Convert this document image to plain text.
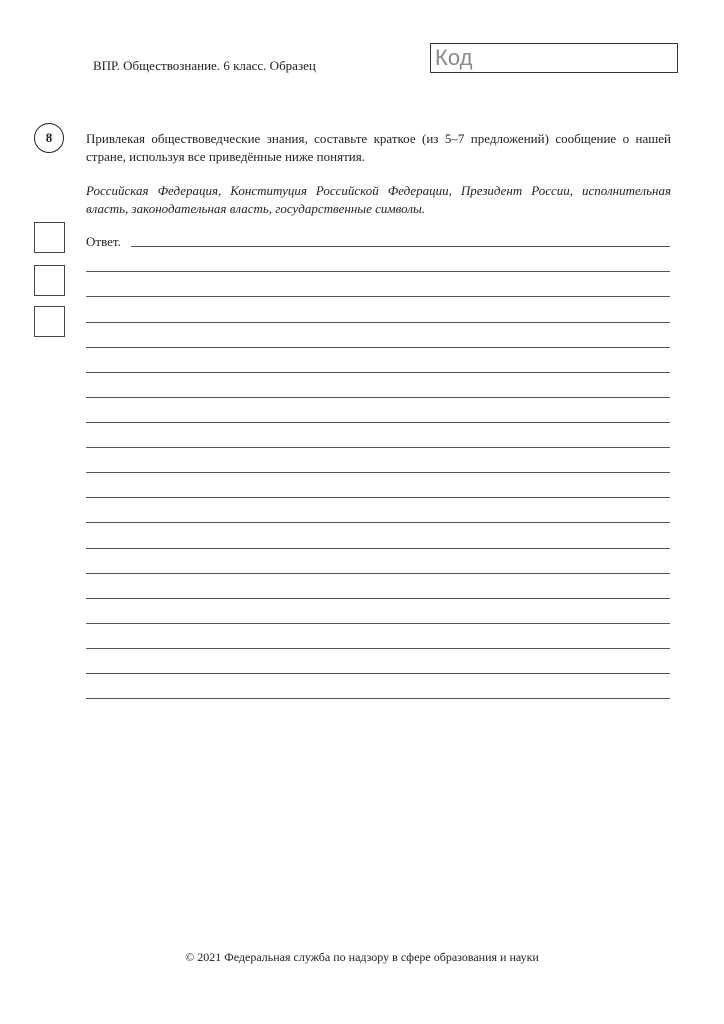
ВПР. Обществознание. 6 класс. Образец	Код
8	Привлекая обществоведческие знания, составьте краткое (из 5–7 предложений) сообщение о нашей стране, используя все приведённые ниже понятия.

Российская Федерация, Конституция Российской Федерации, Президент России, исполнительная власть, законодательная власть, государственные символы.

Ответ.
© 2021 Федеральная служба по надзору в сфере образования и науки
